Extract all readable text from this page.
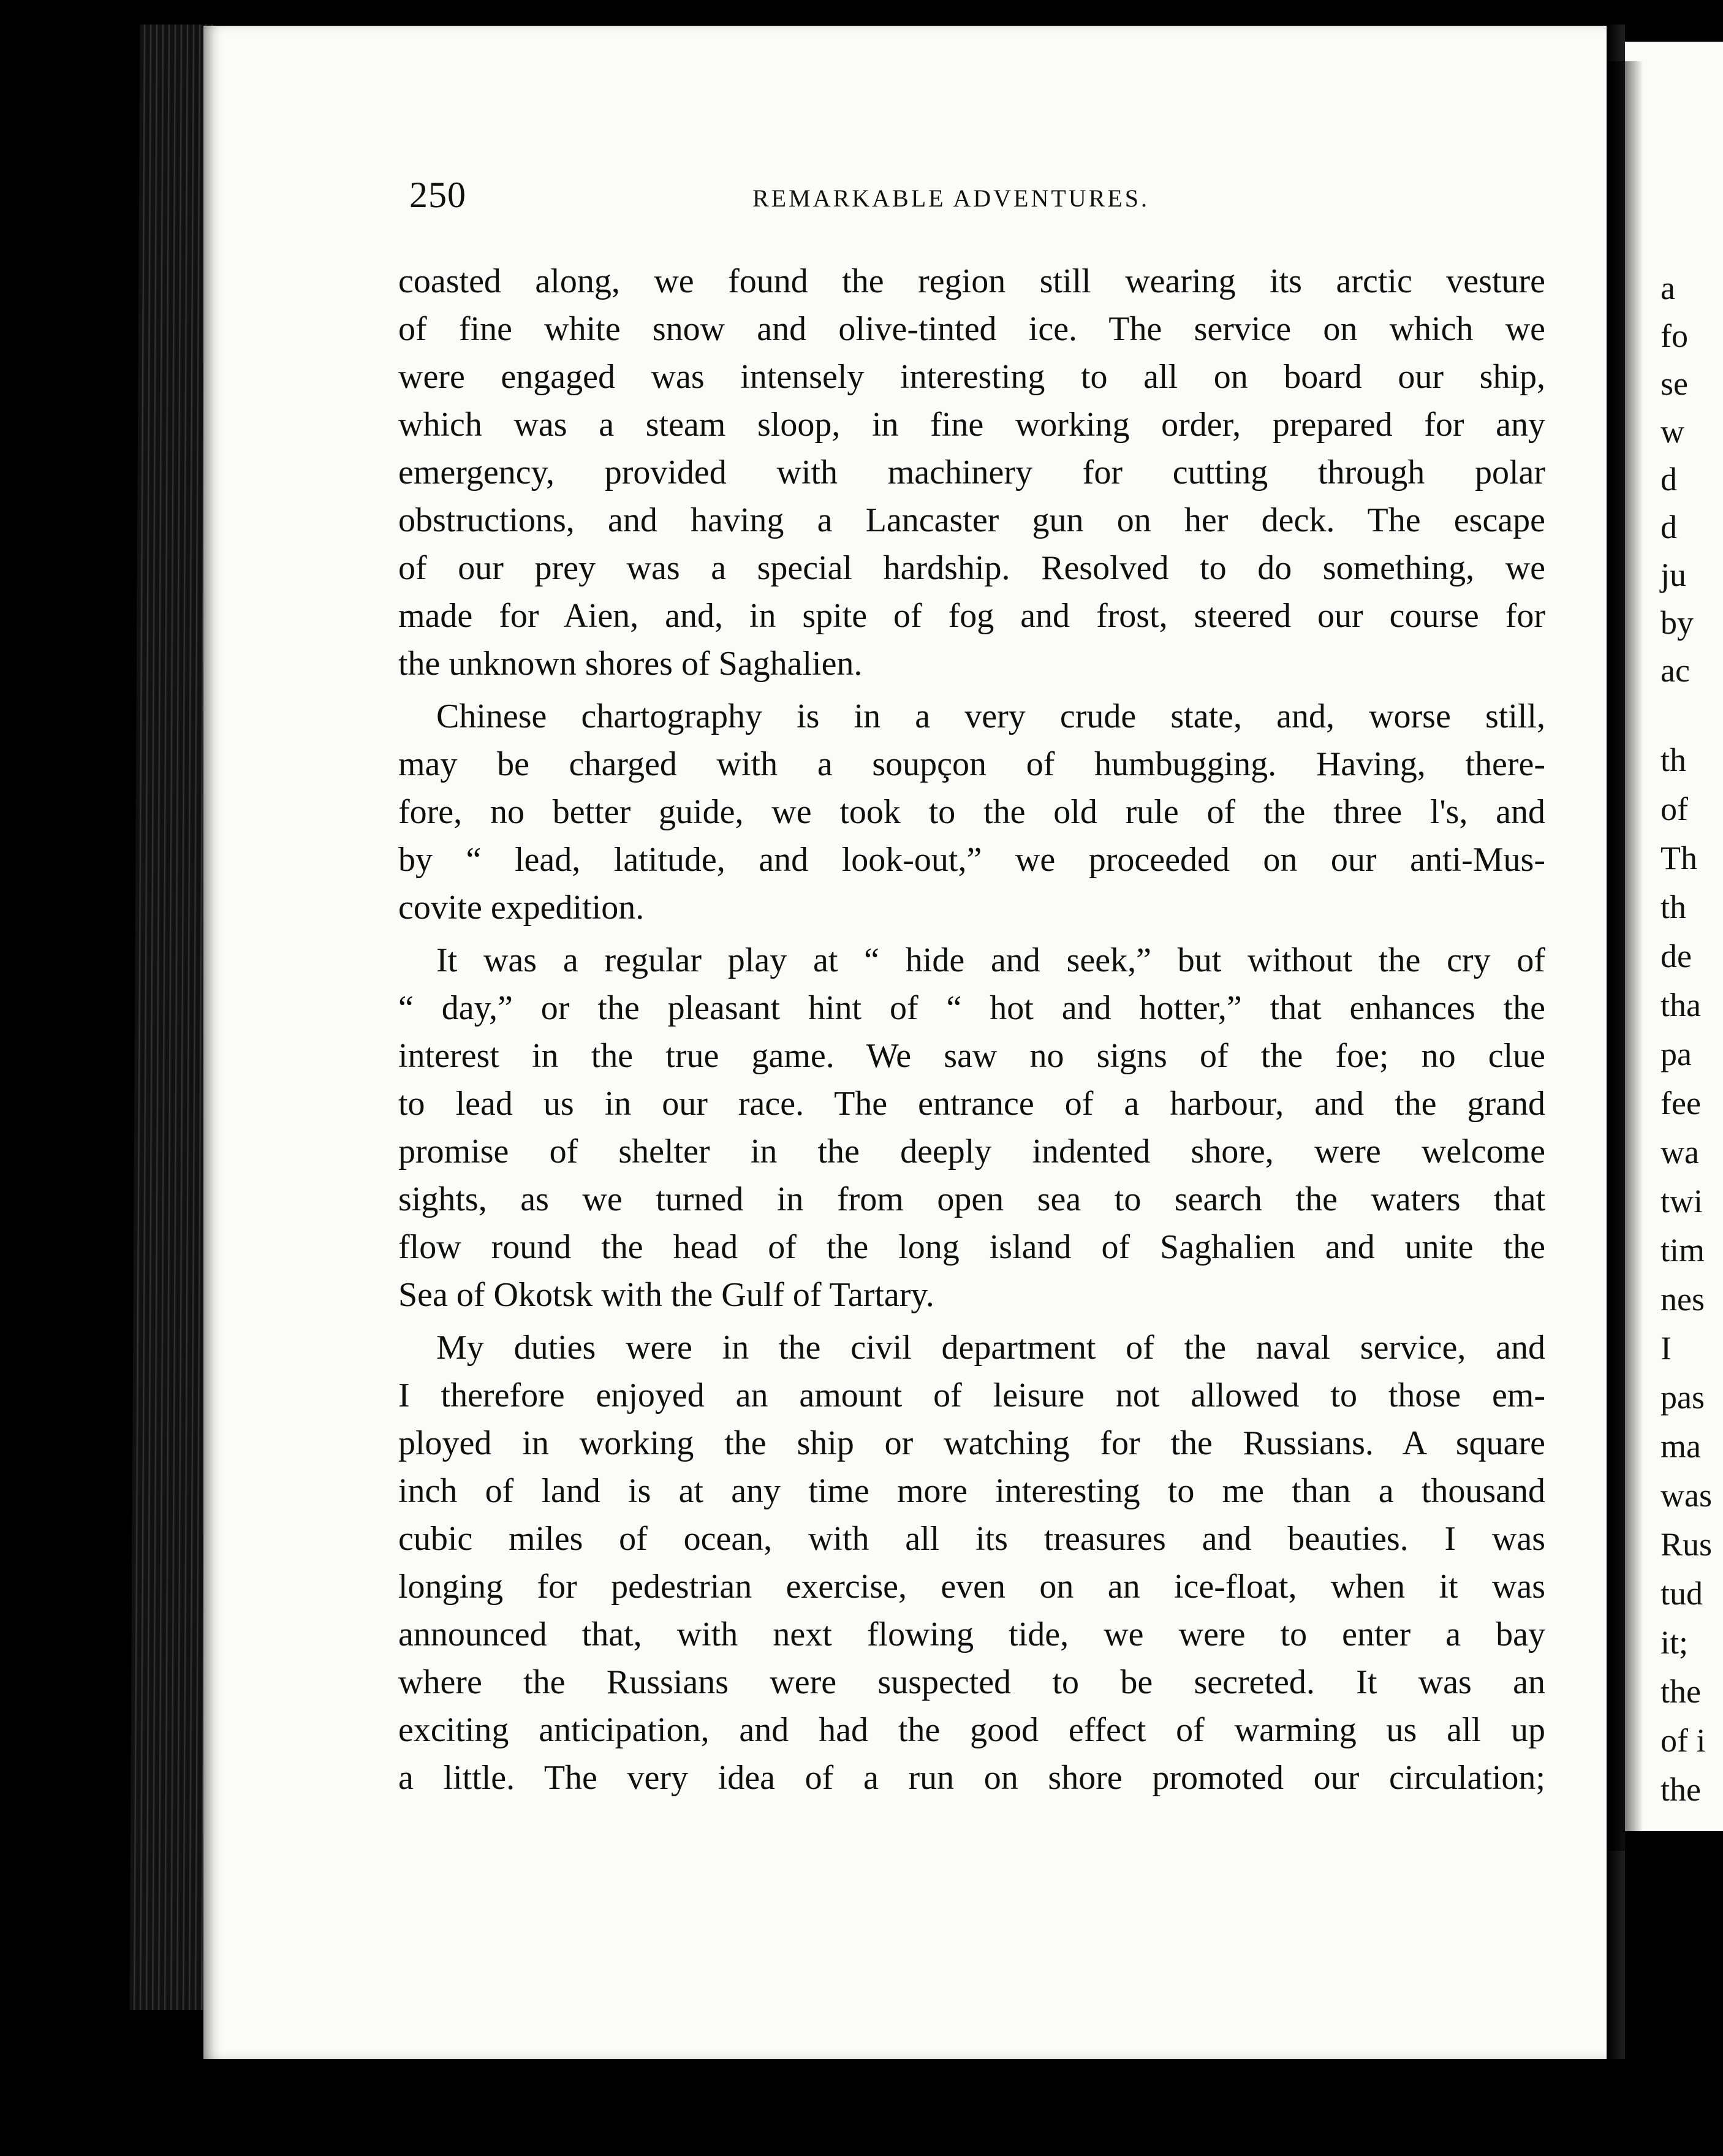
a
fo
se
w
d
d
ju
by
ac
th
of
Th
th
de
tha
pa
fee
wa
twi
tim
nes
I
pas
ma
was
Rus
tud
it;
the
of i
the
250	REMARKABLE ADVENTURES.
coasted along, we found the region still wearing its arctic vesture
of fine white snow and olive-tinted ice. The service on which we
were engaged was intensely interesting to all on board our ship,
which was a steam sloop, in fine working order, prepared for any
emergency, provided with machinery for cutting through polar
obstructions, and having a Lancaster gun on her deck. The escape
of our prey was a special hardship. Resolved to do something, we
made for Aien, and, in spite of fog and frost, steered our course for
the unknown shores of Saghalien.
Chinese chartography is in a very crude state, and, worse still,
may be charged with a soupçon of humbugging. Having, there-
fore, no better guide, we took to the old rule of the three l's, and
by “ lead, latitude, and look-out,” we proceeded on our anti-Mus-
covite expedition.
It was a regular play at “ hide and seek,” but without the cry of
“ day,” or the pleasant hint of “ hot and hotter,” that enhances the
interest in the true game. We saw no signs of the foe; no clue
to lead us in our race. The entrance of a harbour, and the grand
promise of shelter in the deeply indented shore, were welcome
sights, as we turned in from open sea to search the waters that
flow round the head of the long island of Saghalien and unite the
Sea of Okotsk with the Gulf of Tartary.
My duties were in the civil department of the naval service, and
I therefore enjoyed an amount of leisure not allowed to those em-
ployed in working the ship or watching for the Russians. A square
inch of land is at any time more interesting to me than a thousand
cubic miles of ocean, with all its treasures and beauties. I was
longing for pedestrian exercise, even on an ice-float, when it was
announced that, with next flowing tide, we were to enter a bay
where the Russians were suspected to be secreted. It was an
exciting anticipation, and had the good effect of warming us all up
a little. The very idea of a run on shore promoted our circulation;
